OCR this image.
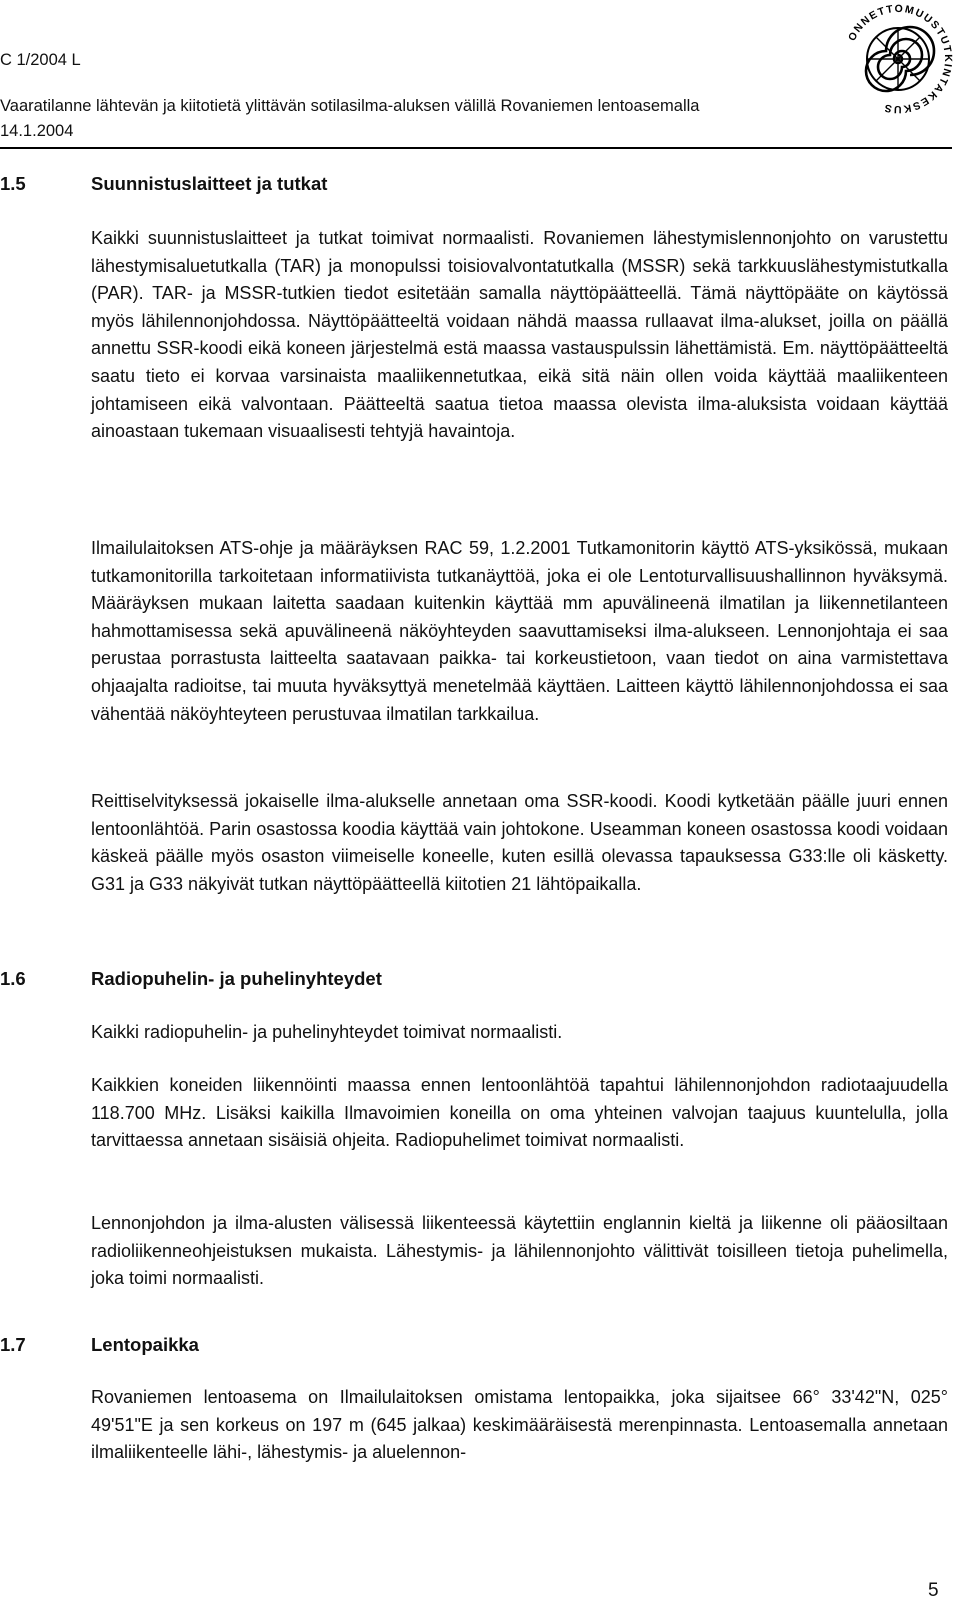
C 1/2004 L
Vaaratilanne lähtevän ja kiitotietä ylittävän sotilasilma-aluksen välillä Rovaniemen lentoasemalla
14.1.2004
ONNETTOMUUSTUTKINTAKESKUS
1.5	Suunnistuslaitteet ja tutkat

Kaikki suunnistuslaitteet ja tutkat toimivat normaalisti. Rovaniemen lähestymislennonjohto on varustettu lähestymisaluetutkalla (TAR) ja monopulssi toisiovalvontatutkalla (MSSR) sekä tarkkuuslähestymistutkalla (PAR). TAR- ja MSSR-tutkien tiedot esitetään samalla näyttöpäätteellä. Tämä näyttöpääte on käytössä myös lähilennonjohdossa. Näyttöpäätteeltä voidaan nähdä maassa rullaavat ilma-alukset, joilla on päällä annettu SSR-koodi eikä koneen järjestelmä estä maassa vastauspulssin lähettämistä. Em. näyttöpäätteeltä saatu tieto ei korvaa varsinaista maaliikennetutkaa, eikä sitä näin ollen voida käyttää maaliikenteen johtamiseen eikä valvontaan. Päätteeltä saatua tietoa maassa olevista ilma-aluksista voidaan käyttää ainoastaan tukemaan visuaalisesti tehtyjä havaintoja.

Ilmailulaitoksen ATS-ohje ja määräyksen RAC 59, 1.2.2001 Tutkamonitorin käyttö ATS-yksikössä, mukaan tutkamonitorilla tarkoitetaan informatiivista tutkanäyttöä, joka ei ole Lentoturvallisuushallinnon hyväksymä. Määräyksen mukaan laitetta saadaan kuitenkin käyttää mm apuvälineenä ilmatilan ja liikennetilanteen hahmottamisessa sekä apuvälineenä näköyhteyden saavuttamiseksi ilma-alukseen. Lennonjohtaja ei saa perustaa porrastusta laitteelta saatavaan paikka- tai korkeustietoon, vaan tiedot on aina varmistettava ohjaajalta radioitse, tai muuta hyväksyttyä menetelmää käyttäen. Laitteen käyttö lähilennonjohdossa ei saa vähentää näköyhteyteen perustuvaa ilmatilan tarkkailua.

Reittiselvityksessä jokaiselle ilma-alukselle annetaan oma SSR-koodi. Koodi kytketään päälle juuri ennen lentoonlähtöä. Parin osastossa koodia käyttää vain johtokone. Useamman koneen osastossa koodi voidaan käskeä päälle myös osaston viimeiselle koneelle, kuten esillä olevassa tapauksessa G33:lle oli käsketty. G31 ja G33 näkyivät tutkan näyttöpäätteellä kiitotien 21 lähtöpaikalla.

1.6	Radiopuhelin- ja puhelinyhteydet

Kaikki radiopuhelin- ja puhelinyhteydet toimivat normaalisti.

Kaikkien koneiden liikennöinti maassa ennen lentoonlähtöä tapahtui lähilennonjohdon radiotaajuudella 118.700 MHz. Lisäksi kaikilla Ilmavoimien koneilla on oma yhteinen valvojan taajuus kuuntelulla, jolla tarvittaessa annetaan sisäisiä ohjeita. Radiopuhelimet toimivat normaalisti.

Lennonjohdon ja ilma-alusten välisessä liikenteessä käytettiin englannin kieltä ja liikenne oli pääosiltaan radioliikenneohjeistuksen mukaista. Lähestymis- ja lähilennonjohto välittivät toisilleen tietoja puhelimella, joka toimi normaalisti.

1.7	Lentopaikka

Rovaniemen lentoasema on Ilmailulaitoksen omistama lentopaikka, joka sijaitsee 66° 33'42"N, 025° 49'51"E ja sen korkeus on 197 m (645 jalkaa) keskimääräisestä merenpinnasta. Lentoasemalla annetaan ilmaliikenteelle lähi-, lähestymis- ja aluelennon-

5
